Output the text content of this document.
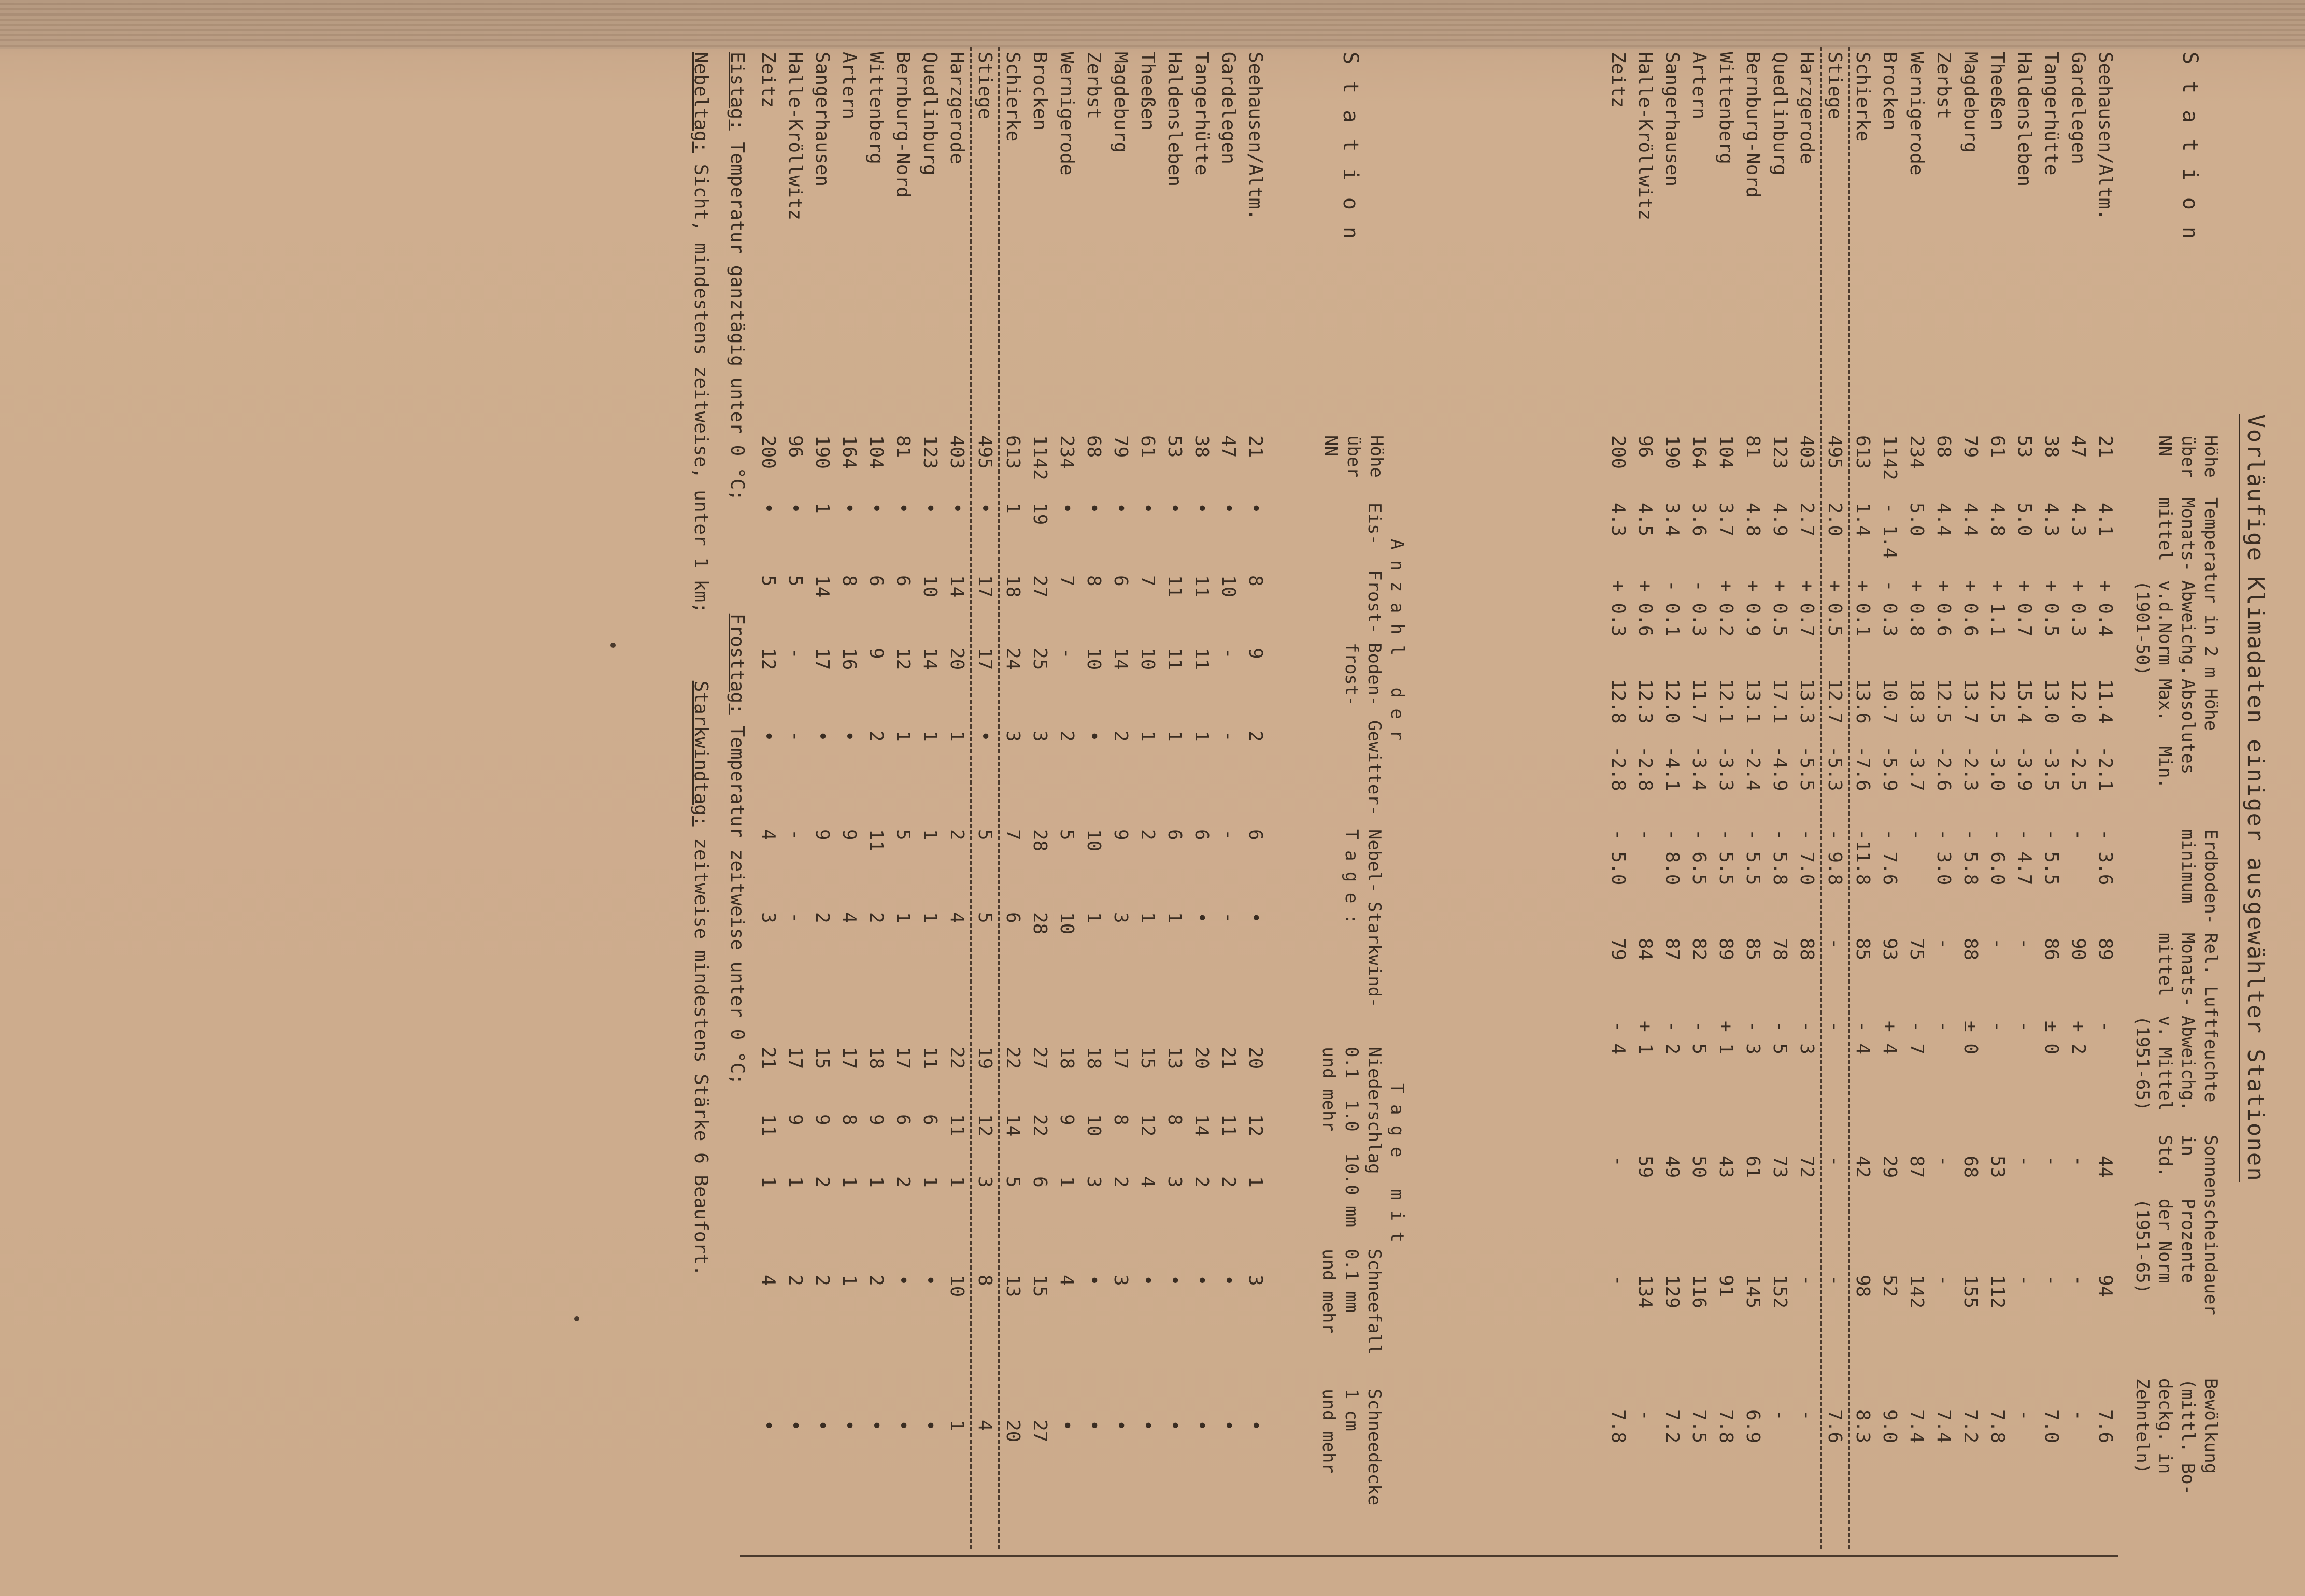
Vorläufige Klimadaten einiger ausgewählter Stationen
S t a t i o n
Höhe
über
NN
Temperatur in 2 m Höhe
Monats-
mittel
Abweichg.
v.d.Norm
(1901-50)
Absolutes
Max.
Min.
Erdboden-
minimum
Rel. Luftfeuchte
Monats-
mittel
Abweichg.
v. Mittel
(1951-65)
Sonnenscheindauer
in    Prozente
Std.  der Norm
(1951-65)
Bewölkung
(mittl. Bo-
deckg. in
Zehnteln)
Seehausen/Altm.
21
4.1
+ 0.4
11.4
-2.1
- 3.6
89
-
44
94
7.6
Gardelegen
47
4.3
+ 0.3
12.0
-2.5
-
90
+ 2
-
-
-
Tangerhütte
38
4.3
+ 0.5
13.0
-3.5
- 5.5
86
± 0
-
-
7.0
Haldensleben
53
5.0
+ 0.7
15.4
-3.9
- 4.7
-
-
-
-
-
Theeßen
61
4.8
+ 1.1
12.5
-3.0
- 6.0
-
-
53
112
7.8
Magdeburg
79
4.4
+ 0.6
13.7
-2.3
- 5.8
88
± 0
68
155
7.2
Zerbst
68
4.4
+ 0.6
12.5
-2.6
- 3.0
-
-
-
-
7.4
Wernigerode
234
5.0
+ 0.8
18.3
-3.7
-
75
- 7
87
142
7.4
Brocken
1142
- 1.4
- 0.3
10.7
-5.9
- 7.6
93
+ 4
29
52
9.0
Schierke
613
1.4
+ 0.1
13.6
-7.6
-11.8
85
- 4
42
98
8.3
Stiege
495
2.0
+ 0.5
12.7
-5.3
- 9.8
-
-
-
-
7.6
Harzgerode
403
2.7
+ 0.7
13.3
-5.5
- 7.0
88
- 3
72
-
-
Quedlinburg
123
4.9
+ 0.5
17.1
-4.9
- 5.8
78
- 5
73
152
-
Bernburg-Nord
81
4.8
+ 0.9
13.1
-2.4
- 5.5
85
- 3
61
145
6.9
Wittenberg
104
3.7
+ 0.2
12.1
-3.3
- 5.5
89
+ 1
43
91
7.8
Artern
164
3.6
- 0.3
11.7
-3.4
- 6.5
82
- 5
50
116
7.5
Sangerhausen
190
3.4
- 0.1
12.0
-4.1
- 8.0
87
- 2
49
129
7.2
Halle-Kröllwitz
96
4.5
+ 0.6
12.3
-2.8
-
84
+ 1
59
134
-
Zeitz
200
4.3
+ 0.3
12.8
-2.8
- 5.0
79
- 4
-
-
7.8
S t a t i o n
Höhe
über
NN
A n z a h l   d e r
T a g e   m i t
Eis-
Frost-
Boden-
frost-
Gewitter-
Nebel-
Starkwind-
T a g e :
Niederschlag
0.1  1.0  10.0 mm
und mehr
Schneefall
0.1 mm
und mehr
Schneedecke
1 cm
und mehr
Seehausen/Altm.
21
•
8
9
2
6
•
20
12
1
3
•
Gardelegen
47
•
10
-
-
-
-
21
11
2
•
•
Tangerhütte
38
•
11
11
1
6
•
20
14
2
•
•
Haldensleben
53
•
11
11
1
6
1
13
8
3
•
•
Theeßen
61
•
7
10
1
2
1
15
12
4
•
•
Magdeburg
79
•
6
14
2
9
3
17
8
2
3
•
Zerbst
68
•
8
10
•
10
1
18
10
3
•
•
Wernigerode
234
•
7
-
2
5
10
18
9
1
4
•
Brocken
1142
19
27
25
3
28
28
27
22
6
15
27
Schierke
613
1
18
24
3
7
6
22
14
5
13
20
Stiege
495
•
17
17
•
5
5
19
12
3
8
4
Harzgerode
403
•
14
20
1
2
4
22
11
1
10
1
Quedlinburg
123
•
10
14
1
1
1
11
6
1
•
•
Bernburg-Nord
81
•
6
12
1
5
1
17
6
2
•
•
Wittenberg
104
•
6
9
2
11
2
18
9
1
2
•
Artern
164
•
8
16
•
9
4
17
8
1
1
•
Sangerhausen
190
1
14
17
•
9
2
15
9
2
2
•
Halle-Kröllwitz
96
•
5
-
-
-
-
17
9
1
2
•
Zeitz
200
•
5
12
•
4
3
21
11
1
4
•
Eistag: Temperatur ganztägig unter 0 °C;          Frosttag: Temperatur zeitweise unter 0 °C;
Nebeltag: Sicht, mindestens zeitweise, unter 1 km;      Starkwindtag: zeitweise mindestens Stärke 6 Beaufort.
